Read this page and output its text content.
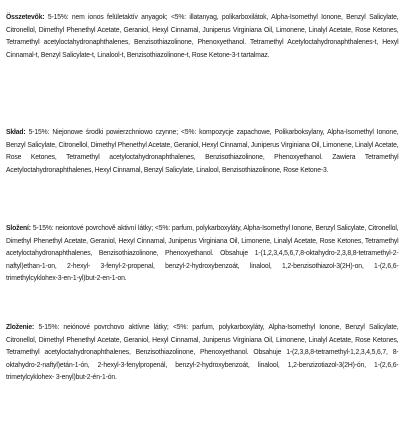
Összetevők: 5-15%: nem ionos felületaktív anyagok; <5%: illatanyag, polikarboxilátok, Alpha-Isomethyl Ionone, Benzyl Salicylate, Citronellol, Dimethyl Phenethyl Acetate, Geraniol, Hexyl Cinnamal, Juniperus Virginiana Oil, Limonene, Linalyl Acetate, Rose Ketones, Tetramethyl acetyloctahydronaphthalenes, Benzisothiazolinone, Phenoxyethanol. Tetramethyl Acetyloctahydronaphthalenes-t, Hexyl Cinnamal-t, Benzyl Salicylate-t, Linalool-t, Benzisothiazolinone-t, Rose Ketone-3-t tartalmaz.

Skład: 5-15%: Niejonowe środki powierzchniowo czynne; <5%: kompozycje zapachowe, Polikarboksylany, Alpha-Isomethyl Ionone, Benzyl Salicylate, Citronellol, Dimethyl Phenethyl Acetate, Geraniol, Hexyl Cinnamal, Juniperus Virginiana Oil, Limonene, Linalyl Acetate, Rose Ketones, Tetramethyl acetyloctahydronaphthalenes, Benzisothiazolinone, Phenoxyethanol. Zawiera Tetramethyl Acetyloctahydronaphthalenes, Hexyl Cinnamal, Benzyl Salicylate, Linalool, Benzisothiazolinone, Rose Ketone-3.

Složení: 5-15%: neiontové povrchově aktivní látky; <5%: parfum, polykarboxyláty, Alpha-Isomethyl Ionone, Benzyl Salicylate, Citronellol, Dimethyl Phenethyl Acetate, Geraniol, Hexyl Cinnamal, Juniperus Virginiana Oil, Limonene, Linalyl Acetate, Rose Ketones, Tetramethyl acetyloctahydronaphthalenes, Benzisothiazolinone, Phenoxyethanol. Obsahuje 1-(1,2,3,4,5,6,7,8-oktahydro-2,3,8,8-tetramethyl-2-naftyl)ethan-1-on, 2-hexyl- 3-fenyl-2-propenal, benzyl-2-hydroxybenzoát, linalool, 1,2-benzisothiazol-3(2H)-on, 1-(2,6,6-trimethylcyklohex-3-en-1-yl)but-2-en-1-on.

Zloženie: 5-15%: neiónové povrchovo aktívne látky; <5%: parfum, polykarboxyláty, Alpha-Isomethyl Ionone, Benzyl Salicylate, Citronellol, Dimethyl Phenethyl Acetate, Geraniol, Hexyl Cinnamal, Juniperus Virginiana Oil, Limonene, Linalyl Acetate, Rose Ketones, Tetramethyl acetyloctahydronaphthalenes, Benzisothiazolinone, Phenoxyethanol. Obsahuje 1-(2,3,8,8-tetramethyl-1,2,3,4,5,6,7, 8-oktahydro-2-naftyl)etán-1-ón, 2-hexyl-3-fenylpropenál, benzyl-2-hydroxybenzoát, linalool, 1,2-benzizotiazol-3(2H)-ón, 1-(2,6,6-trimetylcyklohex- 3-enyl)but-2-én-1-ón.
